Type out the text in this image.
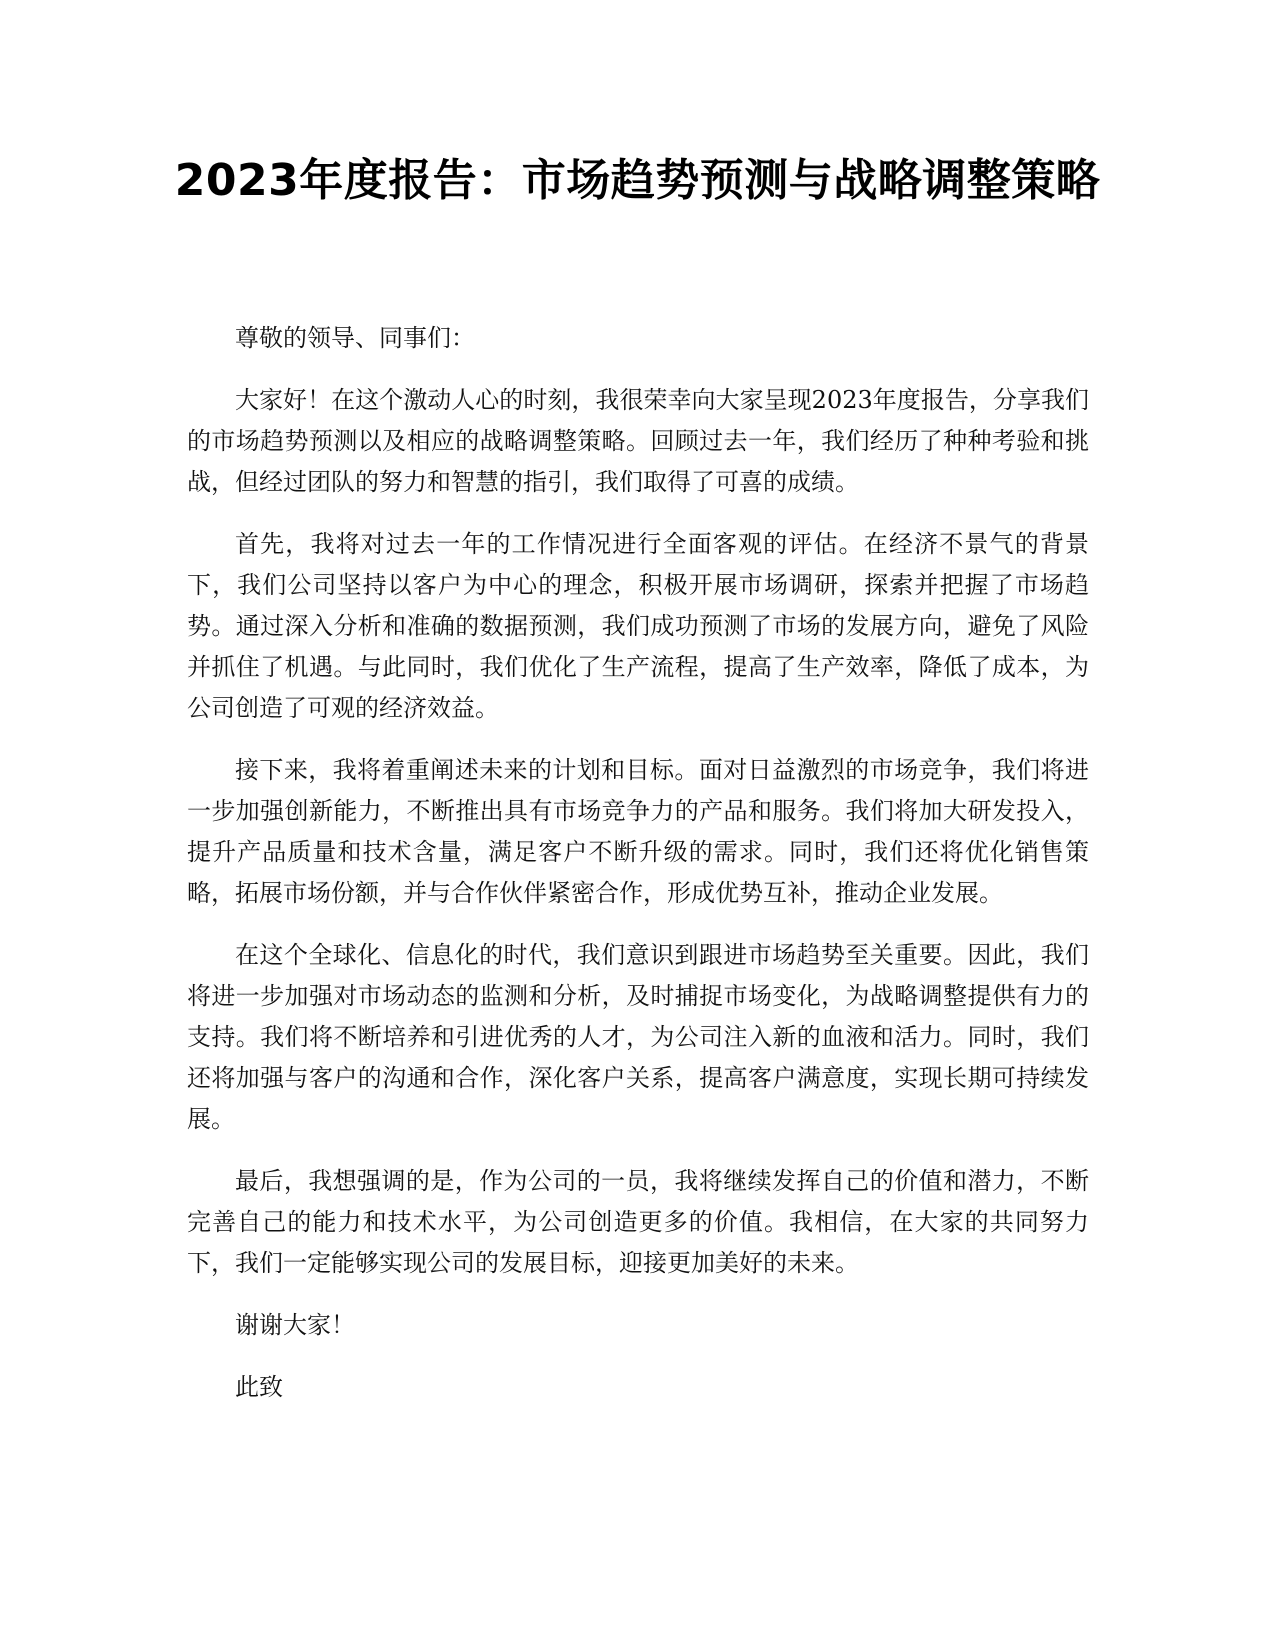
2023年度报告：市场趋势预测与战略调整策略

尊敬的领导、同事们：

大家好！在这个激动人心的时刻，我很荣幸向大家呈现2023年度报告，分享我们的市场趋势预测以及相应的战略调整策略。回顾过去一年，我们经历了种种考验和挑战，但经过团队的努力和智慧的指引，我们取得了可喜的成绩。

首先，我将对过去一年的工作情况进行全面客观的评估。在经济不景气的背景下，我们公司坚持以客户为中心的理念，积极开展市场调研，探索并把握了市场趋势。通过深入分析和准确的数据预测，我们成功预测了市场的发展方向，避免了风险并抓住了机遇。与此同时，我们优化了生产流程，提高了生产效率，降低了成本，为公司创造了可观的经济效益。

接下来，我将着重阐述未来的计划和目标。面对日益激烈的市场竞争，我们将进一步加强创新能力，不断推出具有市场竞争力的产品和服务。我们将加大研发投入，提升产品质量和技术含量，满足客户不断升级的需求。同时，我们还将优化销售策略，拓展市场份额，并与合作伙伴紧密合作，形成优势互补，推动企业发展。

在这个全球化、信息化的时代，我们意识到跟进市场趋势至关重要。因此，我们将进一步加强对市场动态的监测和分析，及时捕捉市场变化，为战略调整提供有力的支持。我们将不断培养和引进优秀的人才，为公司注入新的血液和活力。同时，我们还将加强与客户的沟通和合作，深化客户关系，提高客户满意度，实现长期可持续发展。

最后，我想强调的是，作为公司的一员，我将继续发挥自己的价值和潜力，不断完善自己的能力和技术水平，为公司创造更多的价值。我相信，在大家的共同努力下，我们一定能够实现公司的发展目标，迎接更加美好的未来。

谢谢大家！

此致
